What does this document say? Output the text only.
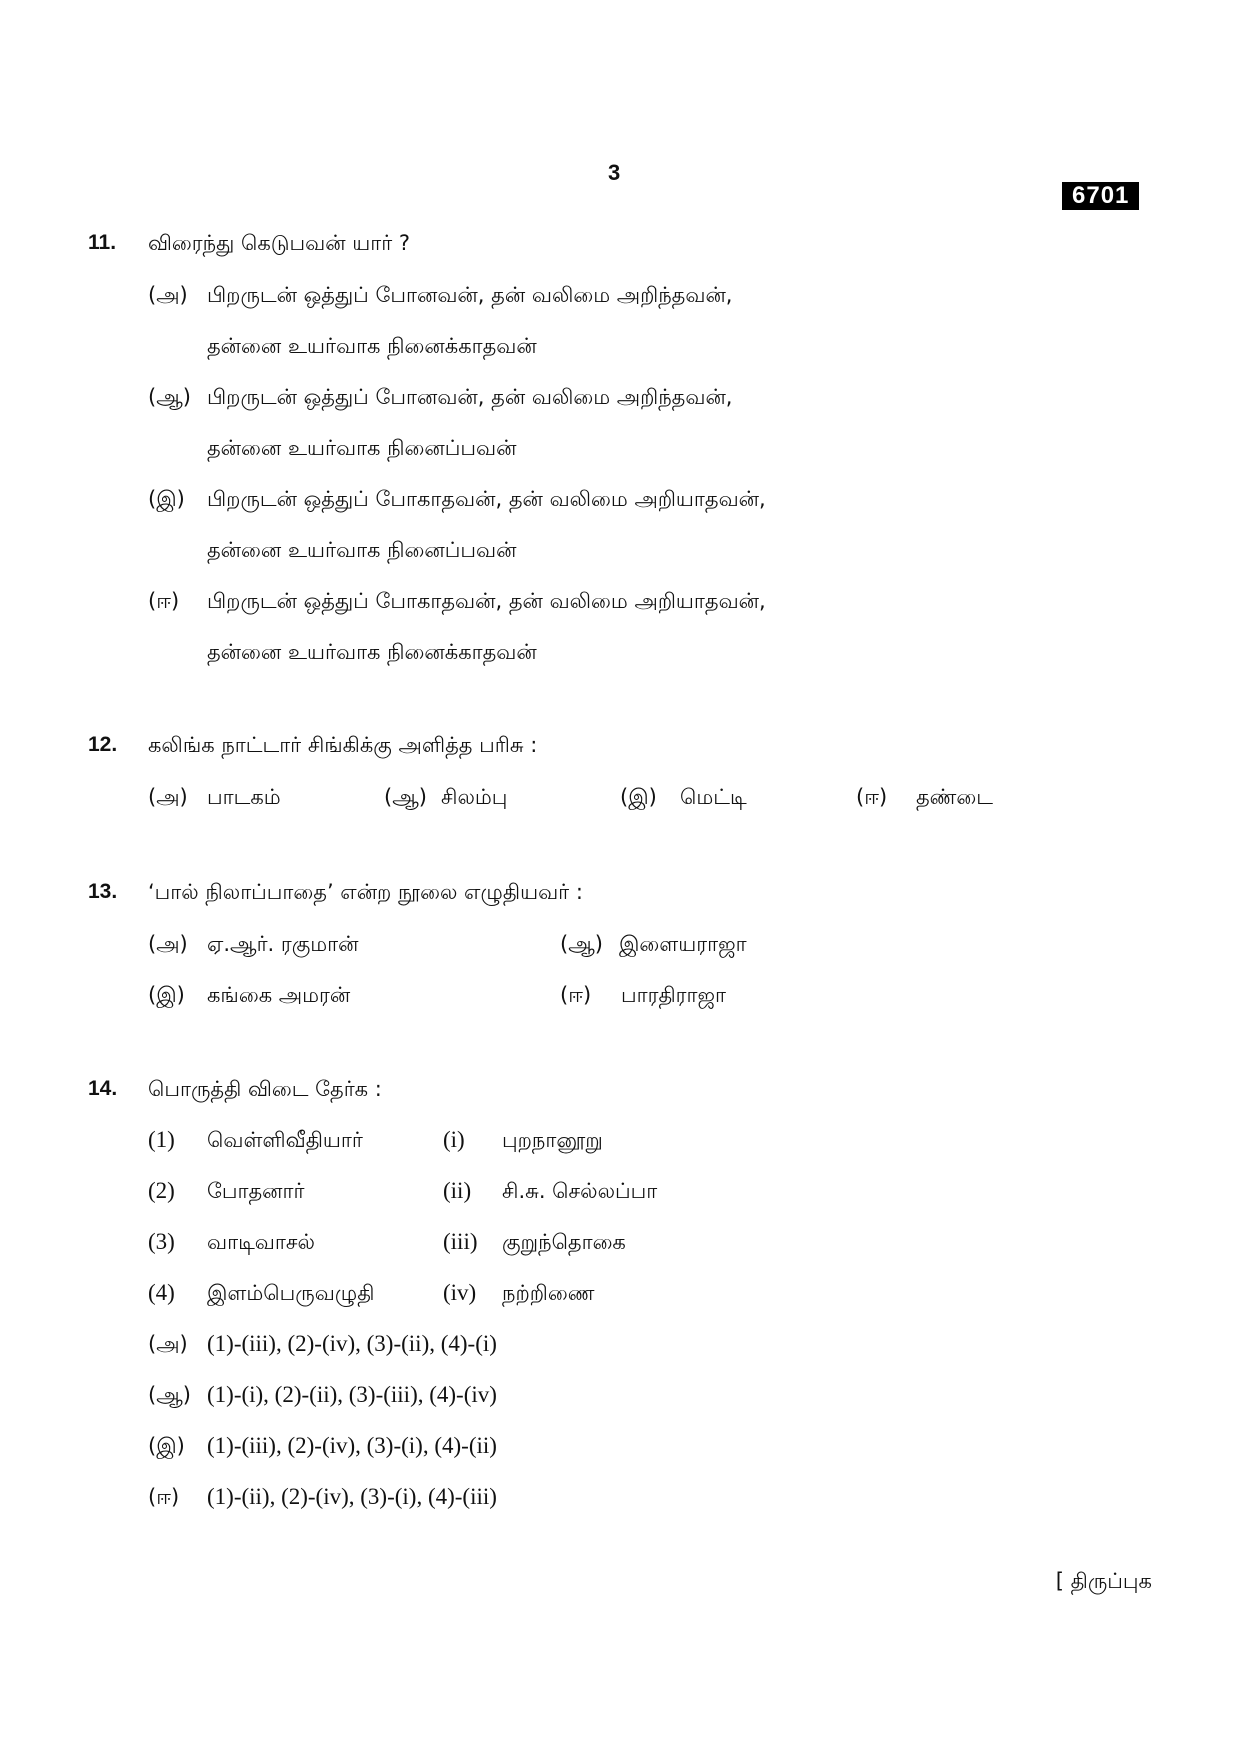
3
6701
11. விரைந்து கெடுபவன் யார் ?
(அ) பிறருடன் ஒத்துப் போனவன், தன் வலிமை அறிந்தவன்,
தன்னை உயர்வாக நினைக்காதவன்
(ஆ) பிறருடன் ஒத்துப் போனவன், தன் வலிமை அறிந்தவன்,
தன்னை உயர்வாக நினைப்பவன்
(இ) பிறருடன் ஒத்துப் போகாதவன், தன் வலிமை அறியாதவன்,
தன்னை உயர்வாக நினைப்பவன்
(ஈ) பிறருடன் ஒத்துப் போகாதவன், தன் வலிமை அறியாதவன்,
தன்னை உயர்வாக நினைக்காதவன்
12. கலிங்க நாட்டார் சிங்கிக்கு அளித்த பரிசு :
(அ) பாடகம்	(ஆ) சிலம்பு	(இ) மெட்டி	(ஈ) தண்டை
13. ‘பால் நிலாப்பாதை’ என்ற நூலை எழுதியவர் :
(அ) ஏ.ஆர். ரகுமான்	(ஆ) இளையராஜா
(இ) கங்கை அமரன்	(ஈ) பாரதிராஜா
14. பொருத்தி விடை தேர்க :
(1) வெள்ளிவீதியார்	(i) புறநானூறு
(2) போதனார்	(ii) சி.சு. செல்லப்பா
(3) வாடிவாசல்	(iii) குறுந்தொகை
(4) இளம்பெருவழுதி	(iv) நற்றிணை
(அ) (1)-(iii), (2)-(iv), (3)-(ii), (4)-(i)
(ஆ) (1)-(i), (2)-(ii), (3)-(iii), (4)-(iv)
(இ) (1)-(iii), (2)-(iv), (3)-(i), (4)-(ii)
(ஈ) (1)-(ii), (2)-(iv), (3)-(i), (4)-(iii)
[ திருப்புக
